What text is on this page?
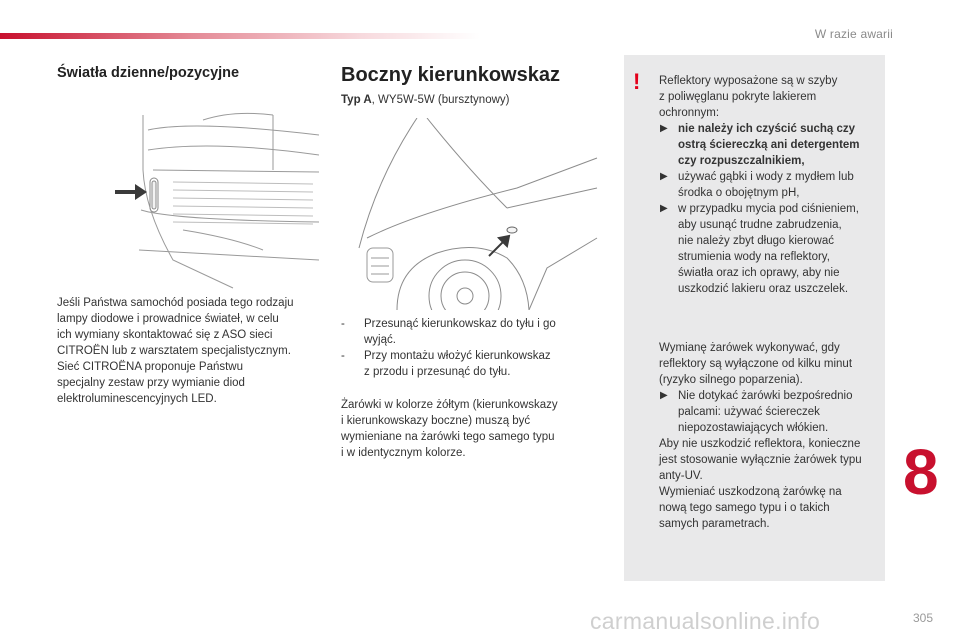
W razie awarii
Światła dzienne/pozycyjne

Jeśli Państwa samochód posiada tego rodzaju

lampy diodowe i prowadnice świateł, w celu

ich wymiany skontaktować się z ASO sieci

CITROËN lub z warsztatem specjalistycznym.

Sieć CITROËNA proponuje Państwu

specjalny zestaw przy wymianie diod

elektroluminescencyjnych LED.

Boczny kierunkowskaz
Typ A, WY5W-5W (bursztynowy)
- Przesunąć kierunkowskaz do tyłu i go
wyjąć.
- Przy montażu włożyć kierunkowskaz
z przodu i przesunąć do tyłu.

Żarówki w kolorze żółtym (kierunkowskazy

i kierunkowskazy boczne) muszą być

wymieniane na żarówki tego samego typu

i w identycznym kolorze.

! Reflektory wyposażone są w szyby

z poliwęglanu pokryte lakierem

ochronnym:

▶ nie należy ich czyścić suchą czy
ostrą ściereczką ani detergentem
czy rozpuszczalnikiem,
▶ używać gąbki i wody z mydłem lub
środka o obojętnym pH,
▶ w przypadku mycia pod ciśnieniem,
aby usunąć trudne zabrudzenia,
nie należy zbyt długo kierować
strumienia wody na reflektory,
światła oraz ich oprawy, aby nie
uszkodzić lakieru oraz uszczelek.

Wymianę żarówek wykonywać, gdy

reflektory są wyłączone od kilku minut

(ryzyko silnego poparzenia).

▶ Nie dotykać żarówki bezpośrednio
palcami: używać ściereczek
niepozostawiających włókien.

Aby nie uszkodzić reflektora, konieczne

jest stosowanie wyłącznie żarówek typu

anty-UV.

Wymieniać uszkodzoną żarówkę na

nową tego samego typu i o takich

samych parametrach.

8
carmanualsonline.info	305
